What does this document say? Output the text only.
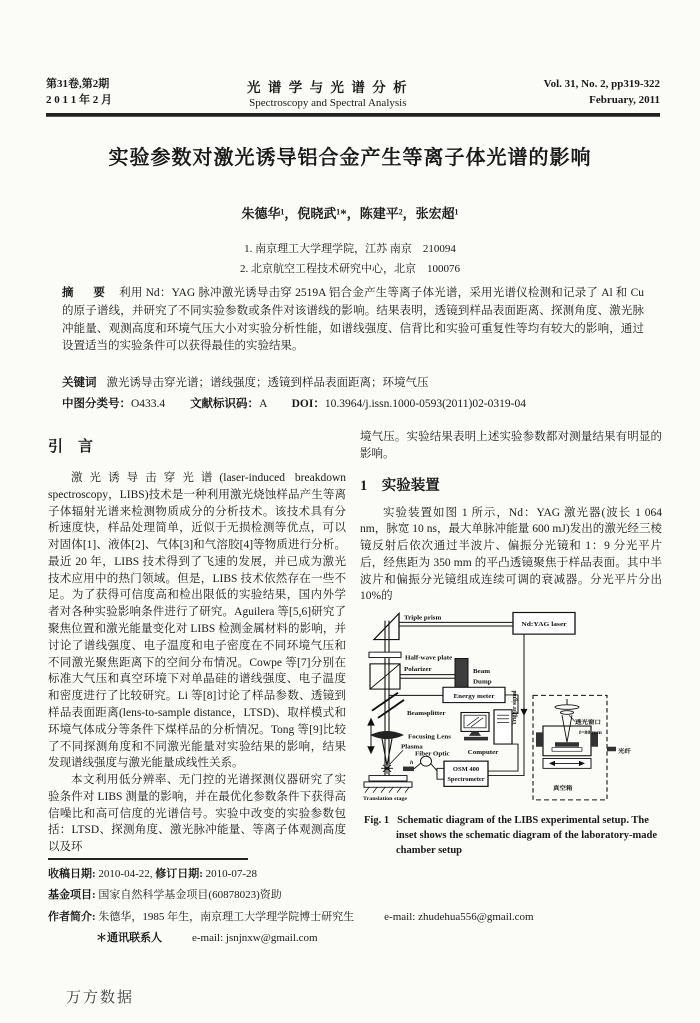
第31卷,第2期
2 0 1 1 年 2 月
光 谱 学 与 光 谱 分 析
Spectroscopy and Spectral Analysis
Vol. 31, No. 2, pp319-322
February, 2011
实验参数对激光诱导铝合金产生等离子体光谱的影响
朱德华¹，倪晓武¹*，陈建平²，张宏超¹
1. 南京理工大学理学院，江苏 南京　210094
2. 北京航空工程技术研究中心，北京　100076

摘　要 利用 Nd：YAG 脉冲激光诱导击穿 2519A 铝合金产生等离子体光谱，采用光谱仪检测和记录了 Al 和 Cu 的原子谱线，并研究了不同实验参数或条件对该谱线的影响。结果表明，透镜到样品表面距离、探测角度、激光脉冲能量、观测高度和环境气压大小对实验分析性能，如谱线强度、信背比和实验可重复性等均有较大的影响，通过设置适当的实验条件可以获得最佳的实验结果。

关键词 激光诱导击穿光谱；谱线强度；透镜到样品表面距离；环境气压
中图分类号：O433.4 文献标识码：A DOI：10.3964/j.issn.1000-0593(2011)02-0319-04
引　言

激光诱导击穿光谱(laser-induced breakdown spectroscopy，LIBS)技术是一种利用激光烧蚀样品产生等离子体辐射光谱来检测物质成分的分析技术。该技术具有分析速度快，样品处理简单，近似于无损检测等优点，可以对固体[1]、液体[2]、气体[3]和气溶胶[4]等物质进行分析。最近 20 年，LIBS 技术得到了飞速的发展，并已成为激光技术应用中的热门领域。但是，LIBS 技术依然存在一些不足。为了获得可信度高和检出限低的实验结果，国内外学者对各种实验影响条件进行了研究。Aguilera 等[5,6]研究了聚焦位置和激光能量变化对 LIBS 检测金属材料的影响，并讨论了谱线强度、电子温度和电子密度在不同环境气压和不同激光聚焦距离下的空间分布情况。Cowpe 等[7]分别在标准大气压和真空环境下对单晶硅的谱线强度、电子温度和密度进行了比较研究。Li 等[8]讨论了样品参数、透镜到样品表面距离(lens-to-sample distance，LTSD)、取样模式和环境气体成分等条件下煤样品的分析情况。Tong 等[9]比较了不同探测角度和不同激光能量对实验结果的影响，结果发现谱线强度与激光能量成线性关系。

本文利用低分辨率、无门控的光谱探测仪器研究了实验条件对 LIBS 测量的影响，并在最优化参数条件下获得高信噪比和高可信度的光谱信号。实验中改变的实验参数包括：LTSD、探测角度、激光脉冲能量、等离子体观测高度以及环

境气压。实验结果表明上述实验参数都对测量结果有明显的影响。

1　实验装置

实验装置如图 1 所示，Nd：YAG 激光器(波长 1 064 nm，脉宽 10 ns，最大单脉冲能量 600 mJ)发出的激光经三棱镜反射后依次通过半波片、偏振分光镜和 1：9 分光平片后，经焦距为 350 mm 的平凸透镜聚焦于样品表面。其中半波片和偏振分光镜组成连续可调的衰减器。分光平片分出 10%的

Triple prism
Nd:YAG laser
Half-wave plate
Polarizer	Beam
Dump
Beamsplitter
Energy meter
Computer
Focusing Lens
Plasma
h
Fiber Optic
OSM 400
Spectrometer
Trigger signal
Translation stage
透光窗口
f=80 mm
光纤
真空箱

Fig. 1 Schematic diagram of the LIBS experimental setup. The inset shows the schematic diagram of the laboratory-made chamber setup

收稿日期: 2010-04-22, 修订日期: 2010-07-28
基金项目: 国家自然科学基金项目(60878023)资助
作者简介: 朱德华，1985 年生，南京理工大学理学院博士研究生	e-mail: zhudehua556@gmail.com
＊通讯联系人	e-mail: jsnjnxw@gmail.com
万方数据
